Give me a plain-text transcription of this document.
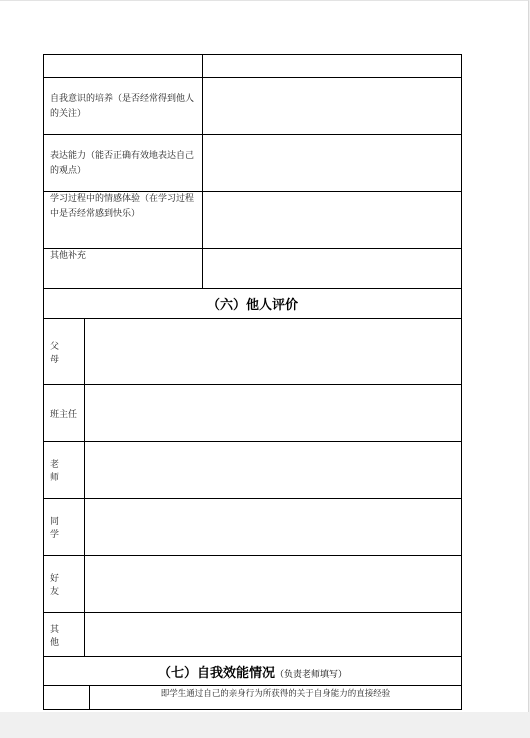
自我意识的培养（是否经常得到他人的关注）
表达能力（能否正确有效地表达自己的观点）
学习过程中的情感体验（在学习过程中是否经常感到快乐）
其他补充
（六）他人评价
父 母
班主任
老 师
同 学
好 友
其 他
（七）自我效能情况（负责老师填写）
即学生通过自己的亲身行为所获得的关于自身能力的直接经验
